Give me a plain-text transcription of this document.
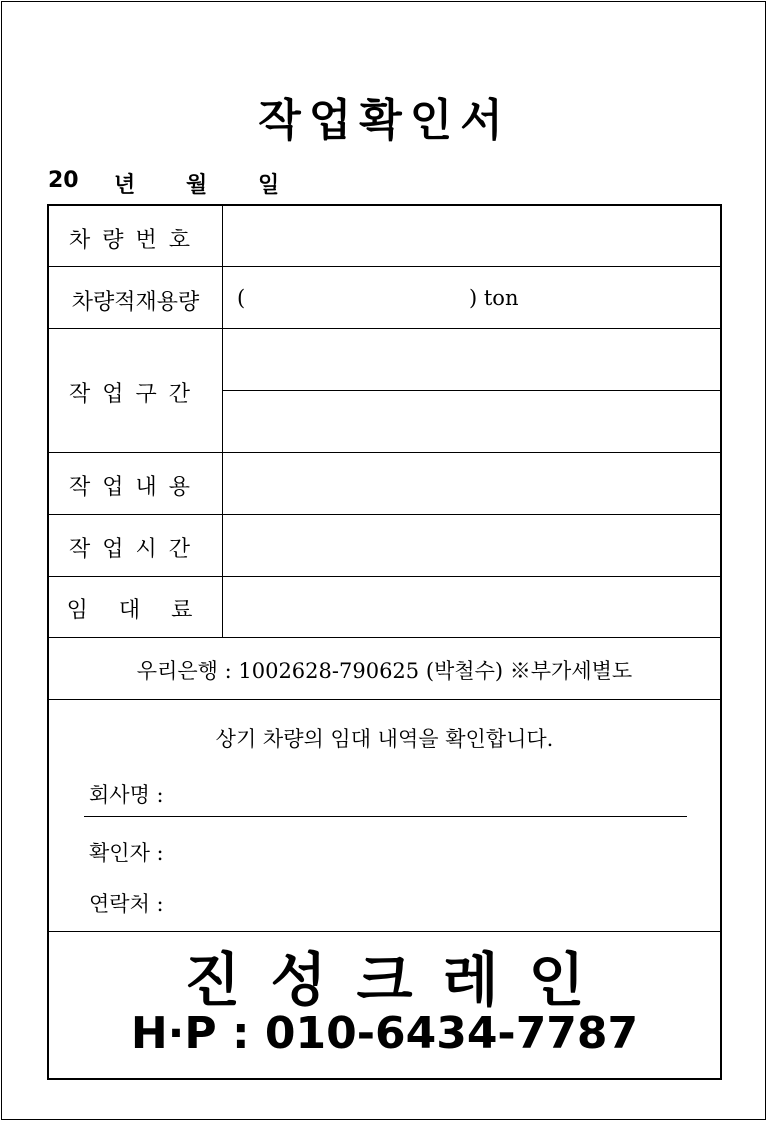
작업확인서
20 년 월 일
차량번호
차량적재용량	(	) ton
작업구간
작업내용
작업시간
임 대 료
우리은행 : 1002628-790625 (박철수) ※부가세별도
상기 차량의 임대 내역을 확인합니다.
회사명 :
확인자 :
연락처 :
진성크레인
H·P : 010-6434-7787
